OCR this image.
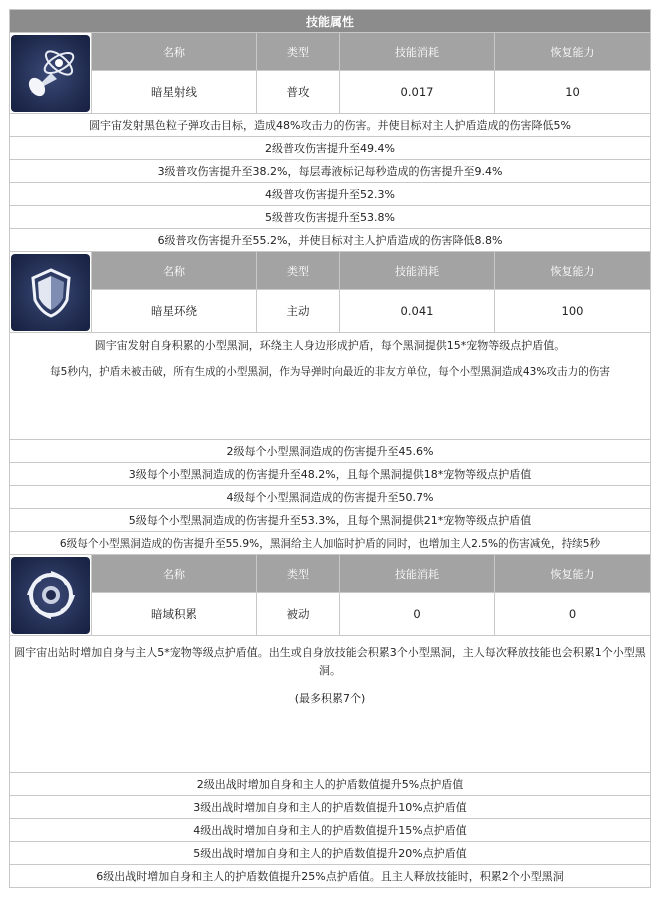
技能属性				

	名称	类型	技能消耗	恢复能力
	暗星射线	普攻	0.017	10
圆宇宙发射黑色粒子弹攻击目标，造成48%攻击力的伤害。并使目标对主人护盾造成的伤害降低5%				
2级普攻伤害提升至49.4%				
3级普攻伤害提升至38.2%，每层毒液标记每秒造成的伤害提升至9.4%				
4级普攻伤害提升至52.3%				
5级普攻伤害提升至53.8%				
6级普攻伤害提升至55.2%，并使目标对主人护盾造成的伤害降低8.8%				

	名称	类型	技能消耗	恢复能力
	暗星环绕	主动	0.041	100

圆宇宙发射自身积累的小型黑洞，环绕主人身边形成护盾，每个黑洞提供15*宠物等级点护盾值。

每5秒内，护盾未被击破，所有生成的小型黑洞，作为导弹时向最近的非友方单位，每个小型黑洞造成43%攻击力的伤害				

2级每个小型黑洞造成的伤害提升至45.6%				
3级每个小型黑洞造成的伤害提升至48.2%，且每个黑洞提供18*宠物等级点护盾值				
4级每个小型黑洞造成的伤害提升至50.7%				
5级每个小型黑洞造成的伤害提升至53.3%，且每个黑洞提供21*宠物等级点护盾值				
6级每个小型黑洞造成的伤害提升至55.9%，黑洞给主人加临时护盾的同时，也增加主人2.5%的伤害减免，持续5秒				

	名称	类型	技能消耗	恢复能力
	暗域积累	被动	0	0

圆宇宙出站时增加自身与主人5*宠物等级点护盾值。出生或自身放技能会积累3个小型黑洞，主人每次释放技能也会积累1个小型黑洞。

(最多积累7个)				

2级出战时增加自身和主人的护盾数值提升5%点护盾值				
3级出战时增加自身和主人的护盾数值提升10%点护盾值				
4级出战时增加自身和主人的护盾数值提升15%点护盾值				
5级出战时增加自身和主人的护盾数值提升20%点护盾值				
6级出战时增加自身和主人的护盾数值提升25%点护盾值。且主人释放技能时，积累2个小型黑洞				
